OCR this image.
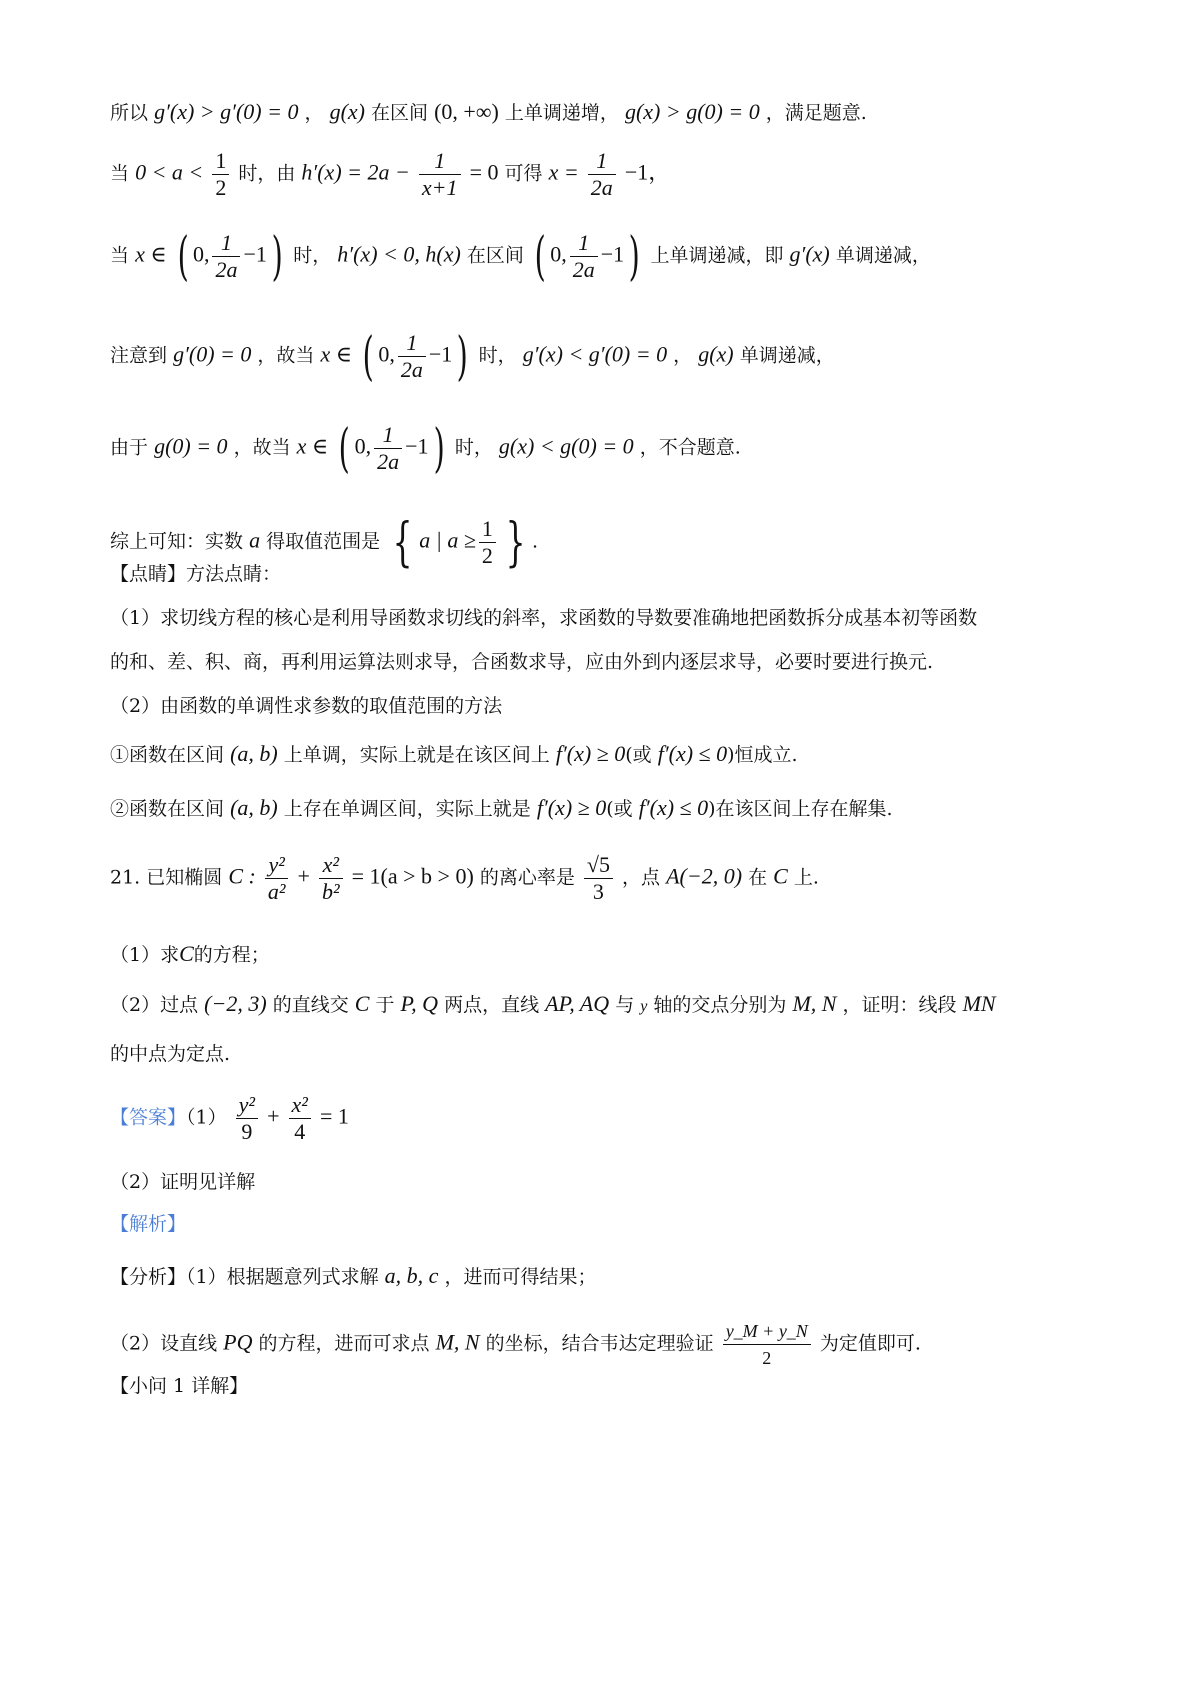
所以 g′(x) > g′(0) = 0 ， g(x) 在区间 (0, +∞) 上单调递增， g(x) > g(0) = 0 ，满足题意.
当 $0 < a < \frac{1}{2}$ 时，由 $h'(x) = 2a - \frac{1}{x+1} = 0$ 可得 $x = \frac{1}{2a} -1$，
当 x ∈ ( 0, $\frac{1}{2a} -1$) 时， h′(x) < 0, h(x) 在区间 ( 0, $\frac{1}{2a} -1$) 上单调递减，即 g′(x) 单调递减，
注意到 g′(0) = 0 ，故当 x ∈ ( 0, $\frac{1}{2a} -1$) 时， g′(x) < g′(0) = 0 ， g(x) 单调递减，
由于 g(0) = 0 ，故当 x ∈ ( 0, $\frac{1}{2a} -1$) 时， g(x) < g(0) = 0 ，不合题意.
综上可知：实数 a 得取值范围是 { a | $a \ge \frac{1}{2}$ } .
【点睛】方法点睛：
（1）求切线方程的核心是利用导函数求切线的斜率，求函数的导数要准确地把函数拆分成基本初等函数
的和、差、积、商，再利用运算法则求导，合函数求导，应由外到内逐层求导，必要时要进行换元.
（2）由函数的单调性求参数的取值范围的方法
①函数在区间 (a, b) 上单调，实际上就是在该区间上 f′(x) ≥ 0(或 f′(x) ≤ 0)恒成立.
②函数在区间 (a, b) 上存在单调区间，实际上就是 f′(x) ≥ 0(或 f′(x) ≤ 0)在该区间上存在解集.
21. 已知椭圆 C : $\frac{\text{y²}}{\text{a²}} + \frac{\text{x²}}{\text{b²}} = 1(a > b > 0)$ 的离心率是 $\frac{√5}{3}$ ，点 A(−2, 0) 在 C 上.
（1）求C的方程；
（2）过点 (−2, 3) 的直线交 C 于 P, Q 两点，直线 AP, AQ 与 y 轴的交点分别为 M, N ，证明：线段 MN
的中点为定点.
【答案】$(1) \frac{\text{y²}}{9} + \frac{\text{x²}}{4} = 1$
（2）证明见详解
【解析】
【分析】（1）根据题意列式求解 a, b, c ，进而可得结果；
（2）设直线 PQ 的方程，进而可求点 M, N 的坐标，结合韦达定理验证 $\frac{y\_M + y\_N}{2}$ 为定值即可.
【小问 1 详解】
